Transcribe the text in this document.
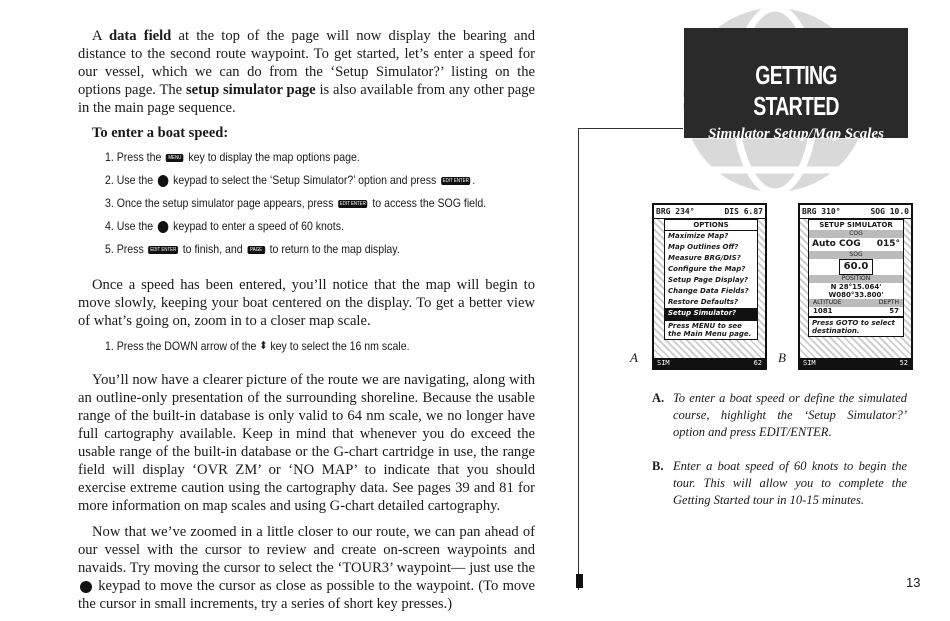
A data field at the top of the page will now display the bearing and distance to the second route waypoint. To get started, let’s enter a speed for our vessel, which we can do from the ‘Setup Simulator?’ listing on the options page. The setup simulator page is also available from any other page in the main page sequence.

To enter a boat speed:
1. Press the MENU key to display the map options page.
2. Use the  keypad to select the ‘Setup Simulator?’ option and press EDIT ENTER .
3. Once the setup simulator page appears, press EDIT ENTER to access the SOG field.
4. Use the  keypad to enter a speed of 60 knots.
5. Press EDIT ENTER to finish, and PAGE to return to the map display.

Once a speed has been entered, you’ll notice that the map will begin to move slowly, keeping your boat centered on the display. To get a better view of what’s going on, zoom in to a closer map scale.

1. Press the DOWN arrow of the ⬍ key to select the 16 nm scale.

You’ll now have a clearer picture of the route we are navigating, along with an outline-only presentation of the surrounding shoreline. Because the usable range of the built-in database is only valid to 64 nm scale, we no longer have full cartography available. Keep in mind that whenever you do exceed the usable range of the built-in database or the G-chart cartridge in use, the range field will display ‘OVR ZM’ or ‘NO MAP’ to indicate that you should exercise extreme caution using the cartography data. See pages 39 and 81 for more information on map scales and using G-chart detailed cartography.

Now that we’ve zoomed in a little closer to our route, we can pan ahead of our vessel with the cursor to review and create on-screen waypoints and navaids. Try moving the cursor to select the ‘TOUR3’ waypoint— just use the  keypad to move the cursor as close as possible to the waypoint. (To move the cursor in small increments, try a series of short key presses.)

GETTING STARTED
Simulator Setup/Map Scales
BRG 234°	DIS 6.87
OPTIONS
Maximize Map?
Map Outlines Off?
Measure BRG/DIS?
Configure the Map?
Setup Page Display?
Change Data Fields?
Restore Defaults?
Setup Simulator?
Press MENU to see the Main Menu page.
SIM	62
A
BRG 310°	SOG 10.0
SETUP SIMULATOR
COG
Auto COG 015°
SOG
60.0
POSITION
N 28°15.064'
W080°33.800'
ALTITUDE	DEPTH
1081	57
Press GOTO to select destination.
SIM	52
B
A. To enter a boat speed or define the simulated course, highlight the ‘Setup Simulator?’ option and press EDIT/ENTER.
B. Enter a boat speed of 60 knots to begin the tour. This will allow you to complete the Getting Started tour in 10-15 minutes.
13
